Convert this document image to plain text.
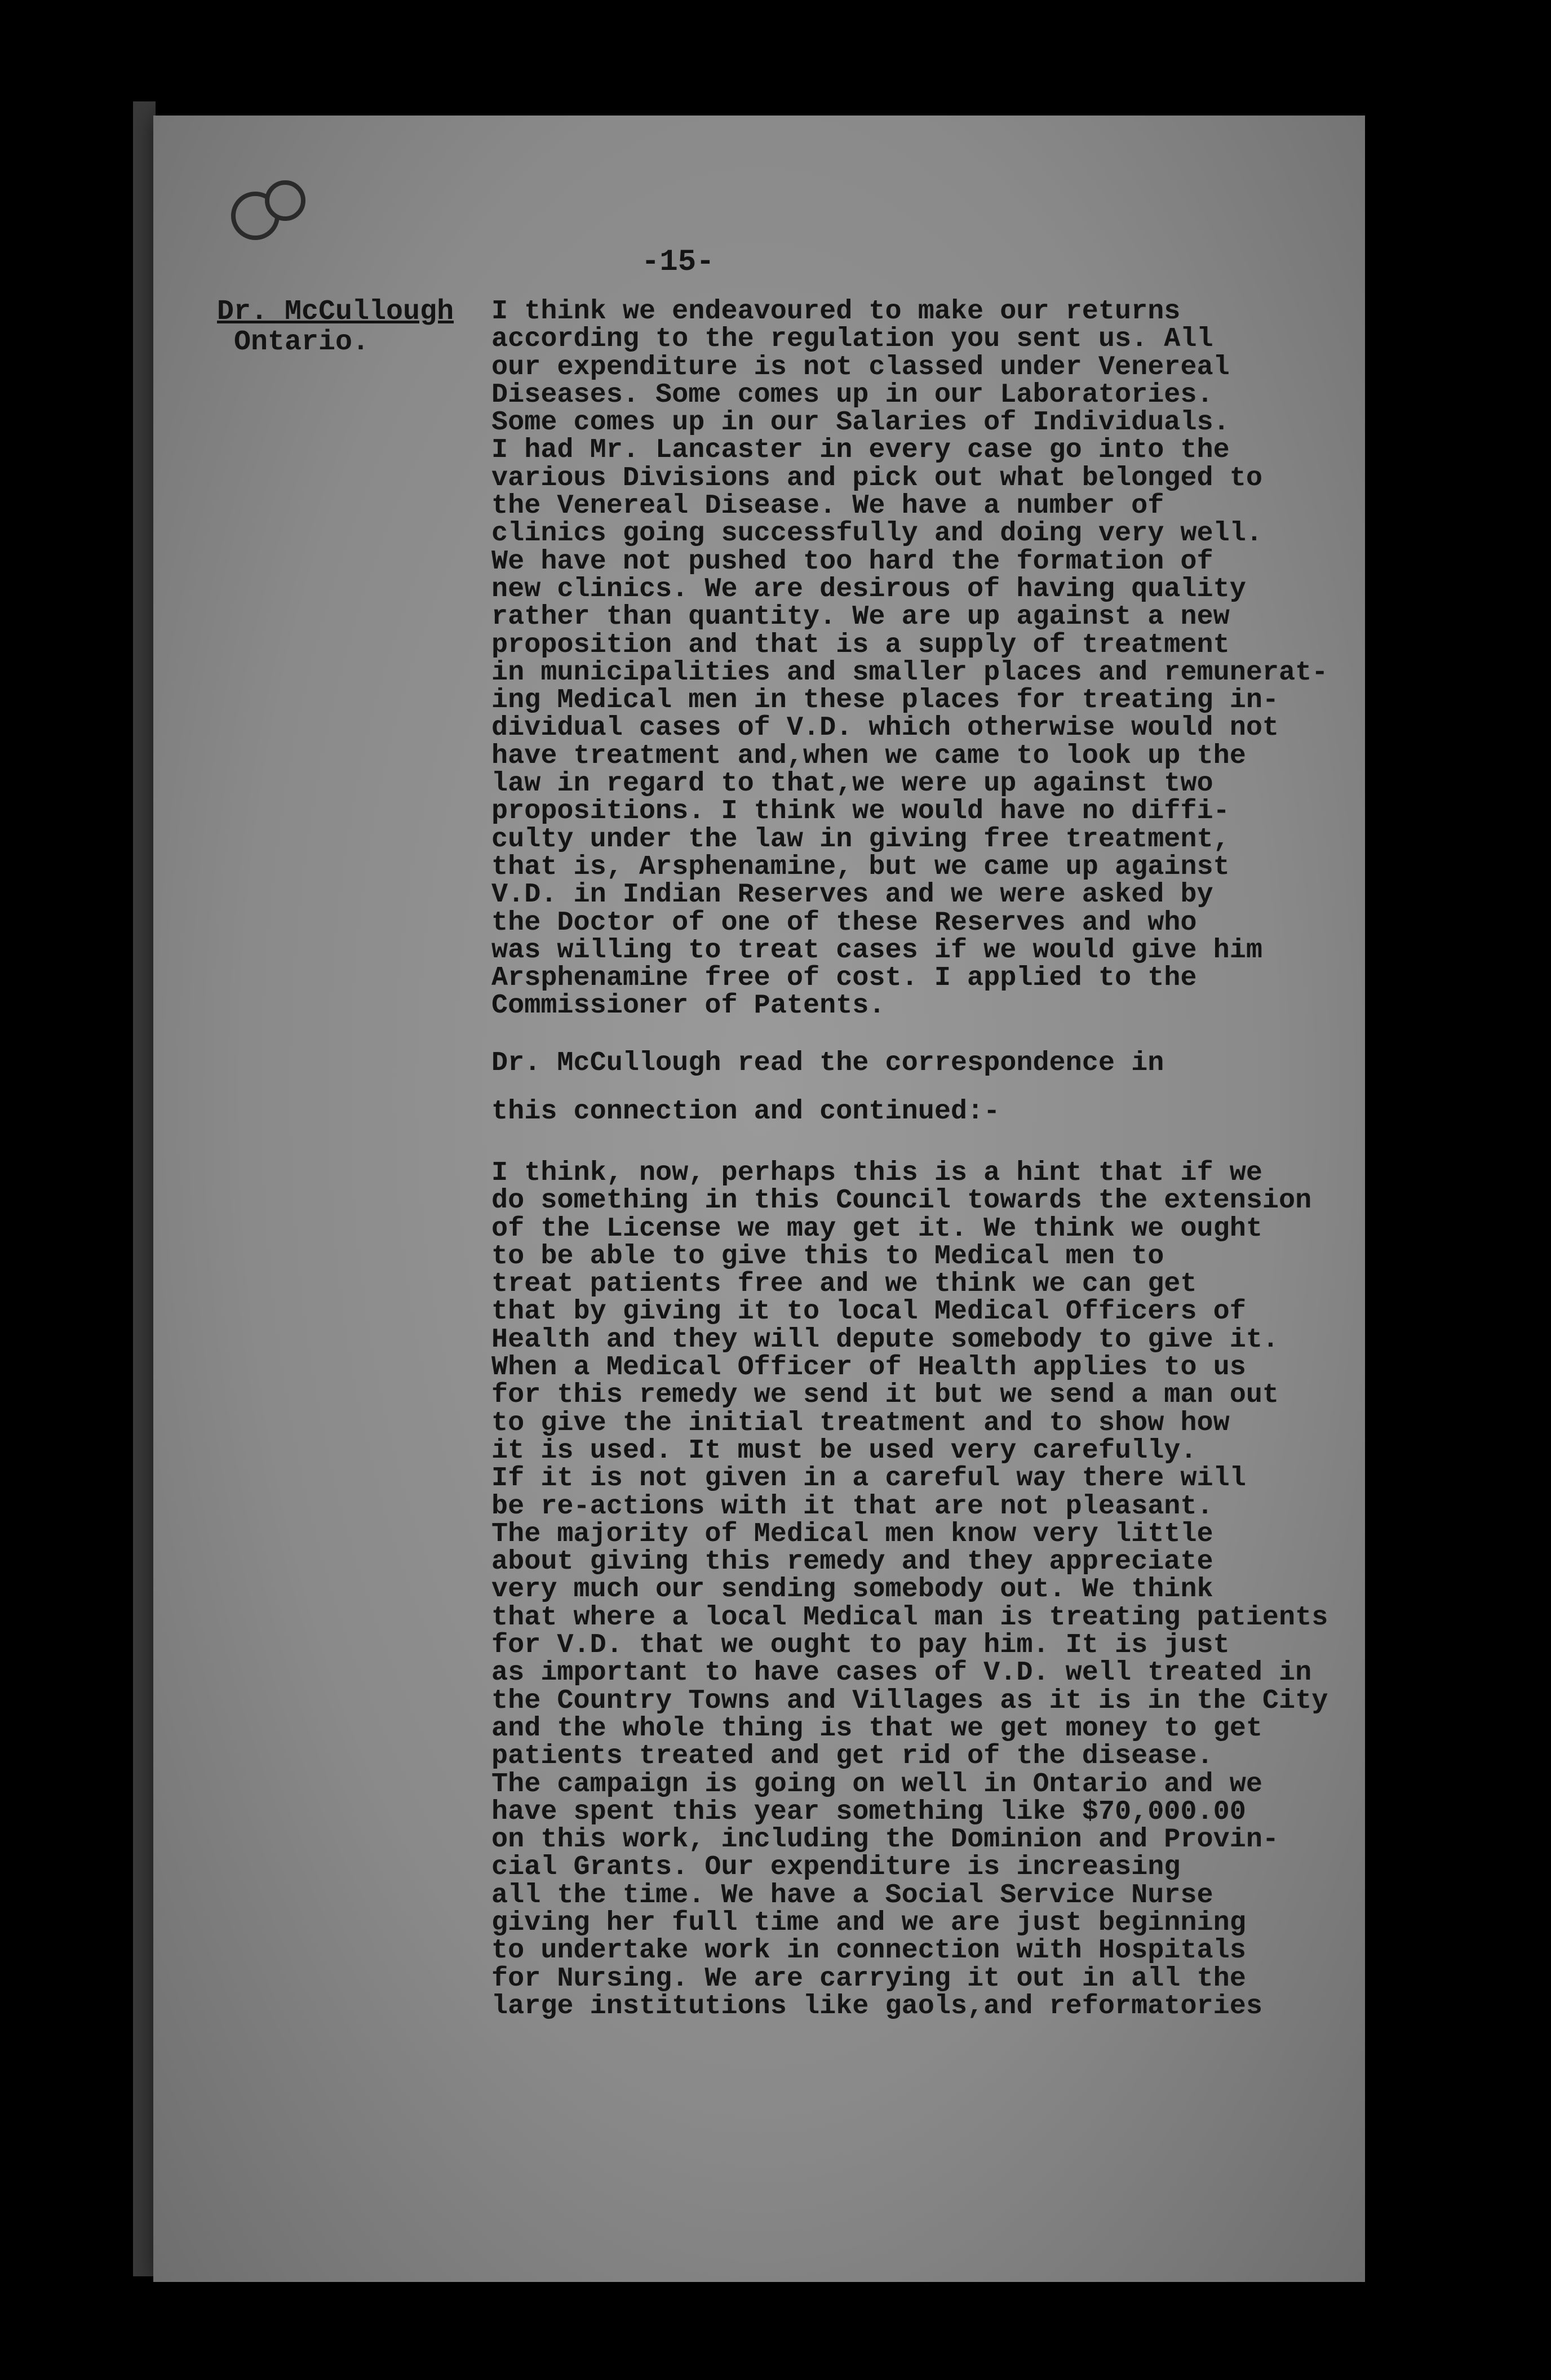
-15-
Dr. McCullough
Ontario.
I think we endeavoured to make our returns
according to the regulation you sent us. All
our expenditure is not classed under Venereal
Diseases. Some comes up in our Laboratories.
Some comes up in our Salaries of Individuals.
I had Mr. Lancaster in every case go into the
various Divisions and pick out what belonged to
the Venereal Disease. We have a number of
clinics going successfully and doing very well.
We have not pushed too hard the formation of
new clinics. We are desirous of having quality
rather than quantity. We are up against a new
proposition and that is a supply of treatment
in municipalities and smaller places and remunerat-
ing Medical men in these places for treating in-
dividual cases of V.D. which otherwise would not
have treatment and,when we came to look up the
law in regard to that,we were up against two
propositions. I think we would have no diffi-
culty under the law in giving free treatment,
that is, Arsphenamine, but we came up against
V.D. in Indian Reserves and we were asked by
the Doctor of one of these Reserves and who
was willing to treat cases if we would give him
Arsphenamine free of cost. I applied to the
Commissioner of Patents.
Dr. McCullough read the correspondence in
this connection and continued:-
I think, now, perhaps this is a hint that if we
do something in this Council towards the extension
of the License we may get it. We think we ought
to be able to give this to Medical men to
treat patients free and we think we can get
that by giving it to local Medical Officers of
Health and they will depute somebody to give it.
When a Medical Officer of Health applies to us
for this remedy we send it but we send a man out
to give the initial treatment and to show how
it is used. It must be used very carefully.
If it is not given in a careful way there will
be re-actions with it that are not pleasant.
The majority of Medical men know very little
about giving this remedy and they appreciate
very much our sending somebody out. We think
that where a local Medical man is treating patients
for V.D. that we ought to pay him. It is just
as important to have cases of V.D. well treated in
the Country Towns and Villages as it is in the City
and the whole thing is that we get money to get
patients treated and get rid of the disease.
The campaign is going on well in Ontario and we
have spent this year something like $70,000.00
on this work, including the Dominion and Provin-
cial Grants. Our expenditure is increasing
all the time. We have a Social Service Nurse
giving her full time and we are just beginning
to undertake work in connection with Hospitals
for Nursing. We are carrying it out in all the
large institutions like gaols,and reformatories
